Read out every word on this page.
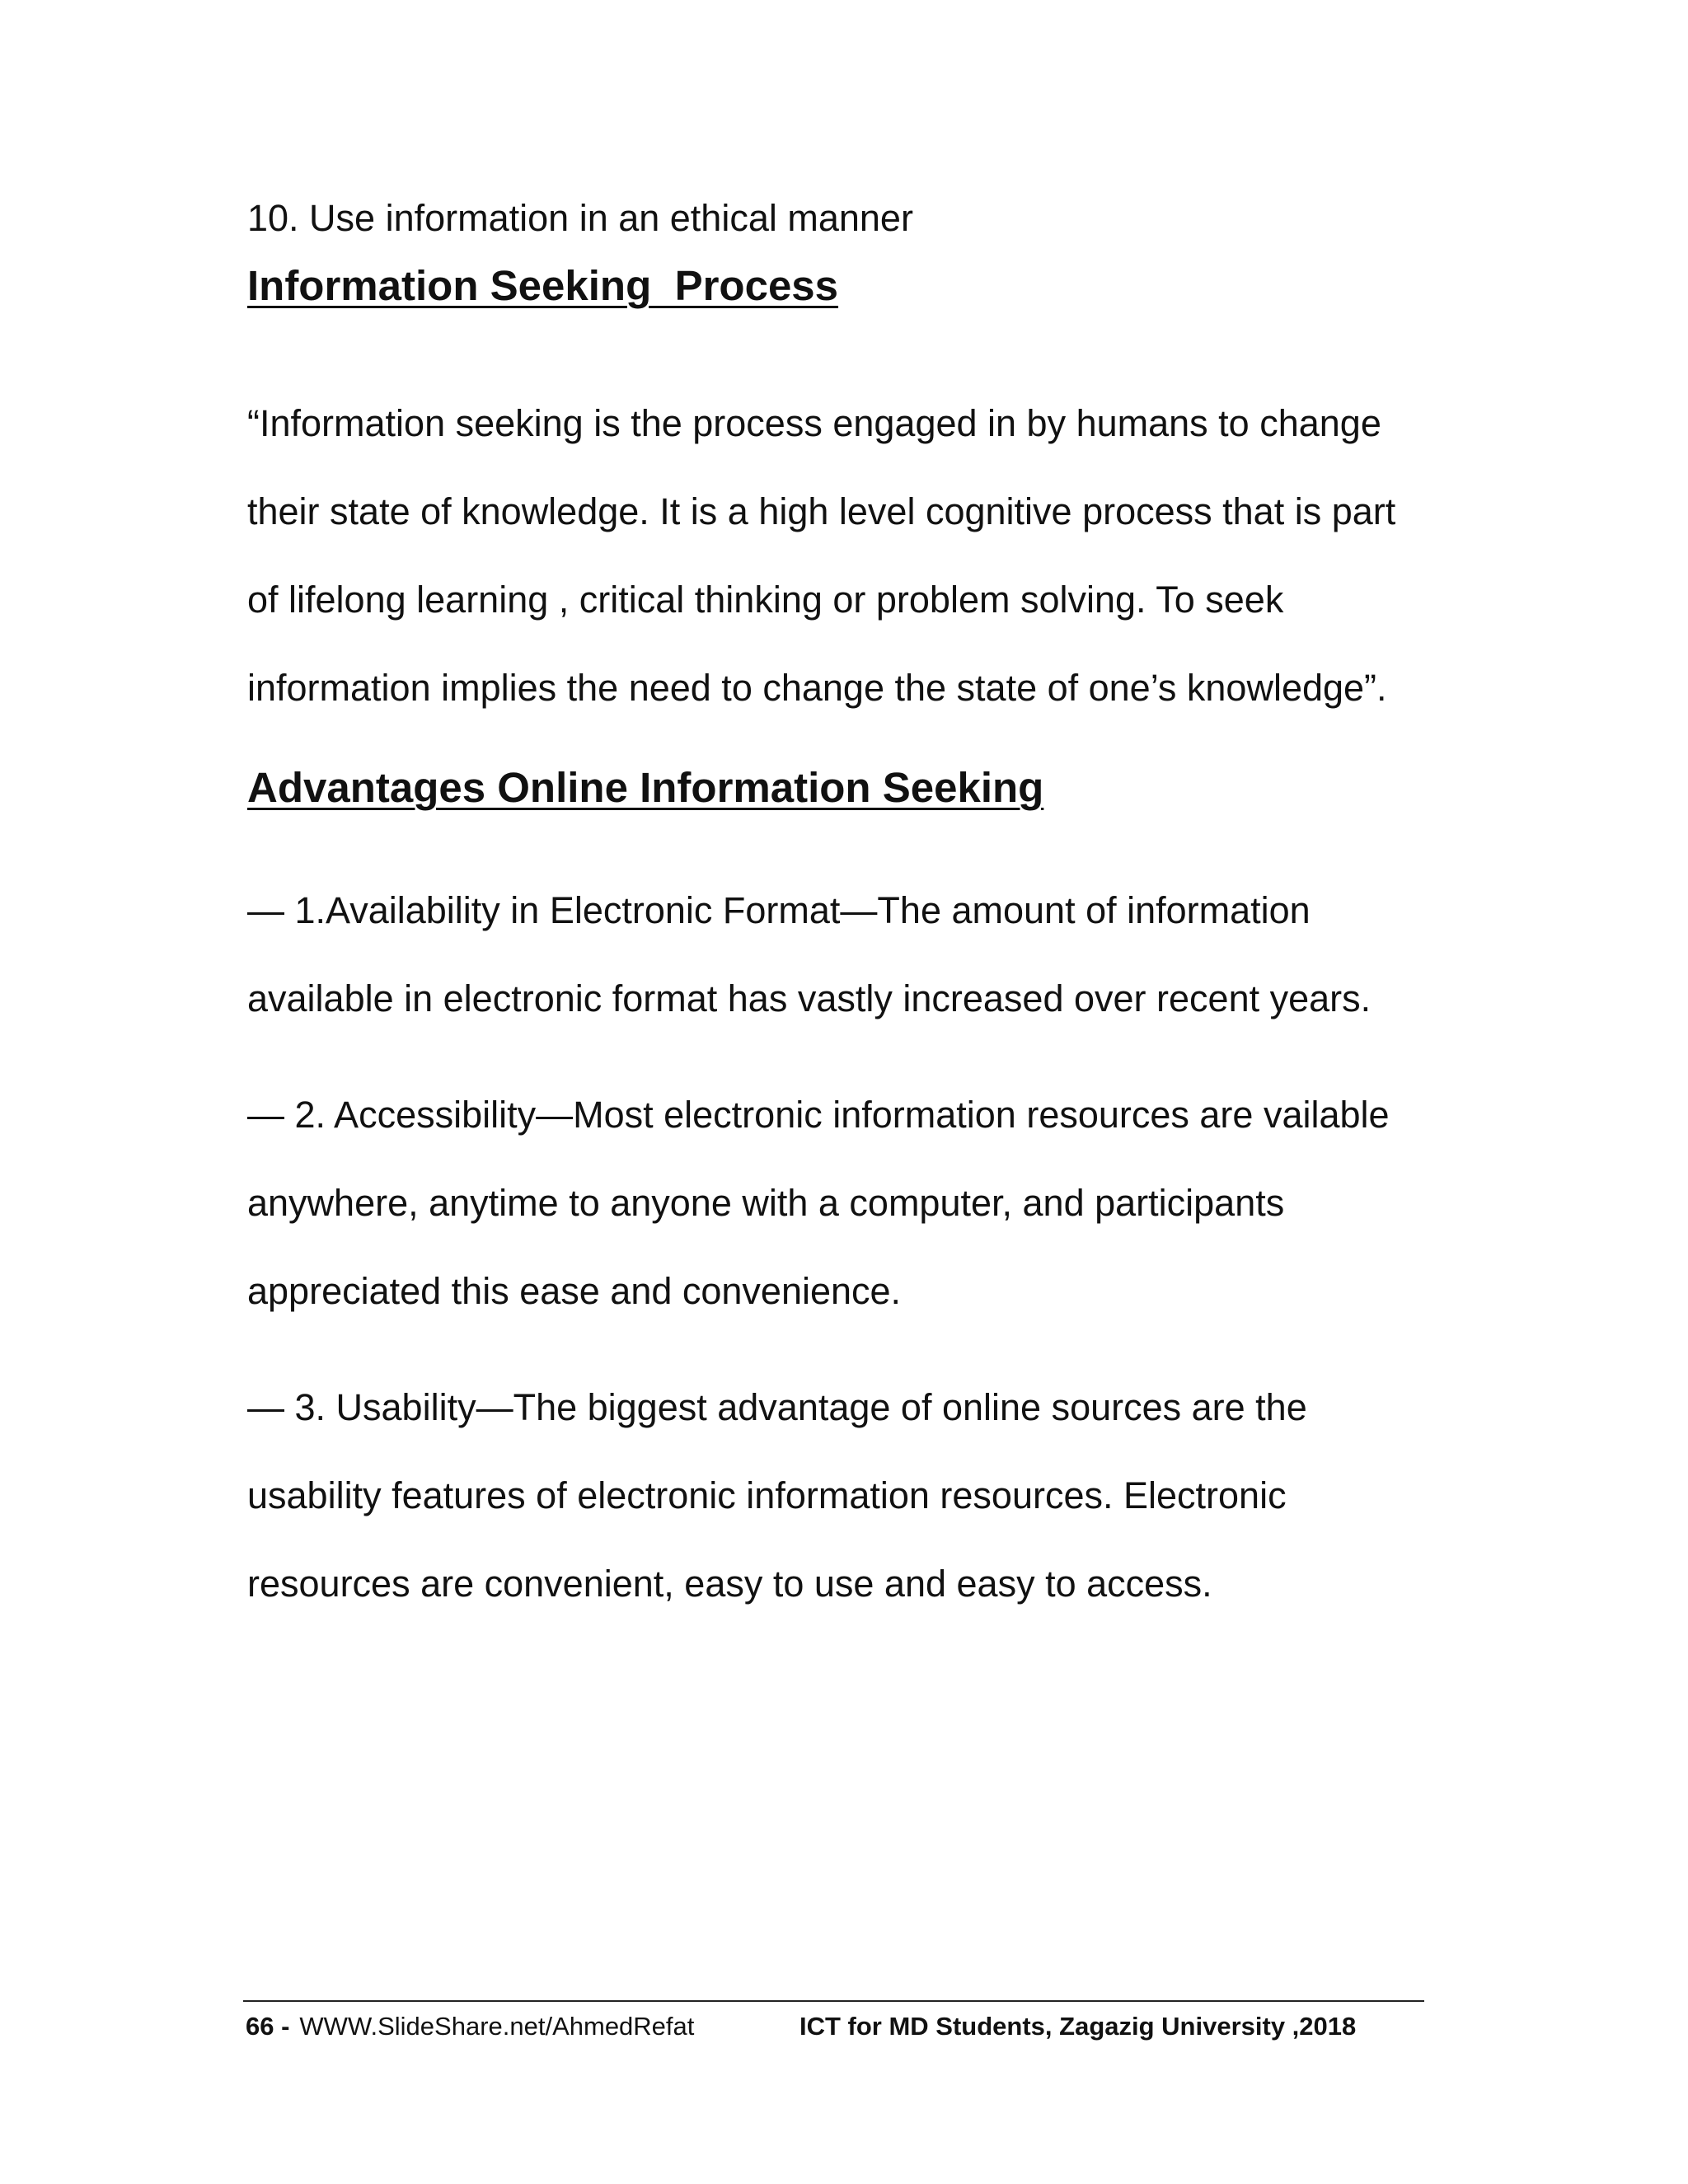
10. Use information in an ethical manner

Information Seeking  Process

“Information seeking is the process engaged in by humans to change their state of knowledge. It is a high level cognitive process that is part of lifelong learning , critical thinking or problem solving. To seek information implies the need to change the state of one’s knowledge”.

Advantages Online Information Seeking

— 1.Availability in Electronic Format—The amount of information available in electronic format has vastly increased over recent years.

— 2. Accessibility—Most electronic information resources are vailable anywhere, anytime to anyone with a computer, and participants appreciated this ease and convenience.

— 3. Usability—The biggest advantage of online sources are the usability features of electronic information resources. Electronic resources are convenient, easy to use and easy to access.

66 - WWW.SlideShare.net/AhmedRefat	ICT for MD Students, Zagazig University ,2018
